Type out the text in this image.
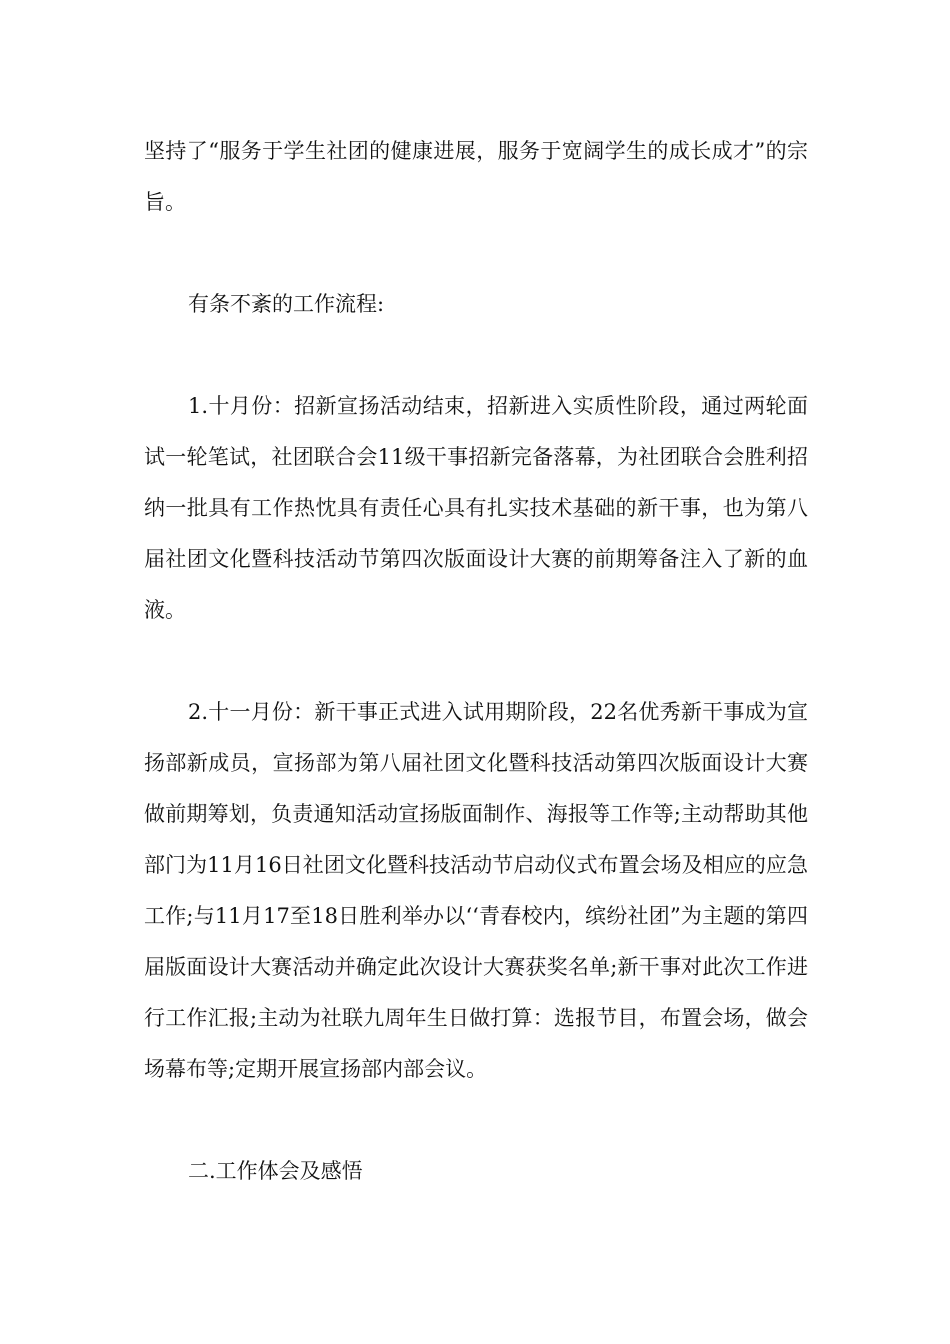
坚持了“服务于学生社团的健康进展，服务于宽阔学生的成长成才”的宗旨。

有条不紊的工作流程:

1.十月份：招新宣扬活动结束，招新进入实质性阶段，通过两轮面试一轮笔试，社团联合会11级干事招新完备落幕，为社团联合会胜利招纳一批具有工作热忱具有责任心具有扎实技术基础的新干事，也为第八届社团文化暨科技活动节第四次版面设计大赛的前期筹备注入了新的血液。

2.十一月份：新干事正式进入试用期阶段，22名优秀新干事成为宣扬部新成员，宣扬部为第八届社团文化暨科技活动第四次版面设计大赛做前期筹划，负责通知活动宣扬版面制作、海报等工作等;主动帮助其他部门为11月16日社团文化暨科技活动节启动仪式布置会场及相应的应急工作;与11月17至18日胜利举办以‘‘青春校内，缤纷社团”为主题的第四届版面设计大赛活动并确定此次设计大赛获奖名单;新干事对此次工作进行工作汇报;主动为社联九周年生日做打算：选报节目，布置会场，做会场幕布等;定期开展宣扬部内部会议。

二.工作体会及感悟
